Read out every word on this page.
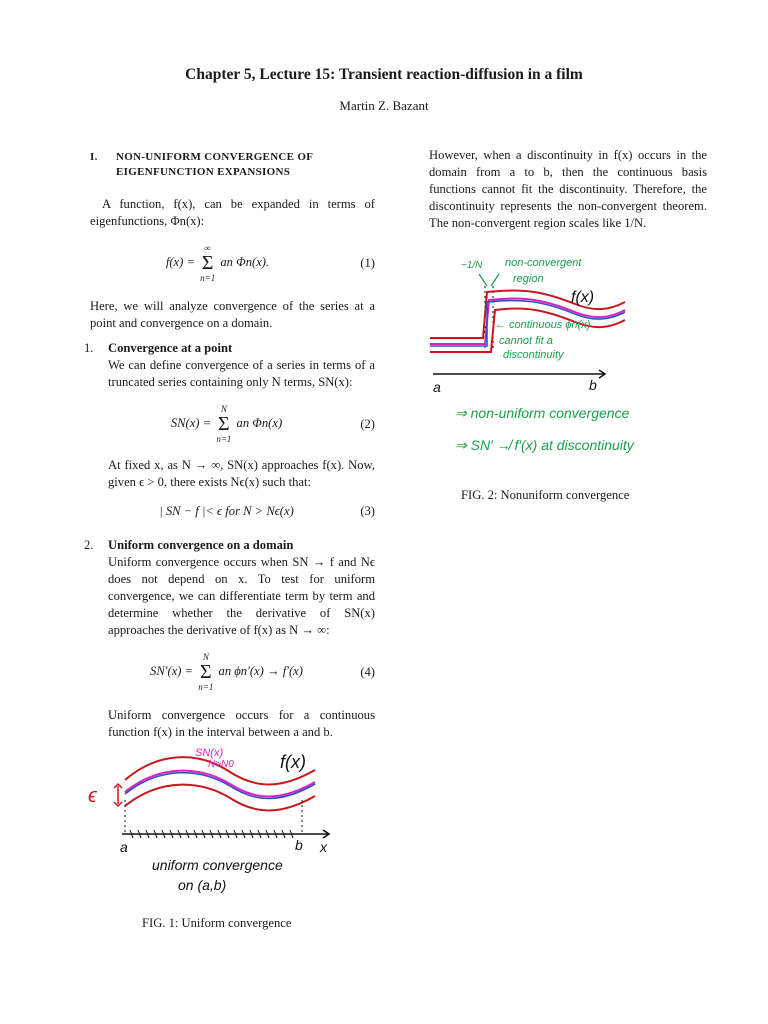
Chapter 5, Lecture 15: Transient reaction-diffusion in a film
Martin Z. Bazant
I. NON-UNIFORM CONVERGENCE OF
EIGENFUNCTION EXPANSIONS

A function, f(x), can be expanded in terms of eigenfunctions, Φn(x):

f(x) =
∞
Σ
n=1
an Φn(x).	(1)

Here, we will analyze convergence of the series at a point and convergence on a domain.

1. Convergence at a point

We can define convergence of a series in terms of a truncated series containing only N terms, SN(x):

SN(x) =
N
Σ
n=1
an Φn(x)	(2)

At fixed x, as N → ∞, SN(x) approaches f(x). Now, given ϵ > 0, there exists Nϵ(x) such that:

| SN − f |< ϵ for N > Nϵ(x)	(3)
2. Uniform convergence on a domain

Uniform convergence occurs when SN → f and Nϵ does not depend on x. To test for uniform convergence, we can differentiate term by term and determine whether the derivative of SN(x) approaches the derivative of f(x) as N → ∞:

SN′(x) =
N
Σ
n=1
an ϕn′(x) → f′(x)	(4)

Uniform convergence occurs for a continuous function f(x) in the interval between a and b.

ϵ
SN(x)
N>N0	f(x)
a	b x
uniform convergence
on (a,b)
FIG. 1: Uniform convergence

However, when a discontinuity in f(x) occurs in the domain from a to b, then the continuous basis functions cannot fit the discontinuity. Therefore, the discontinuity represents the non-convergent theorem. The non-convergent region scales like 1/N.

~1/N non-convergent
region
f(x)
← continuous ϕn(x)
cannot fit a
discontinuity
a	b
⇒ non-uniform convergence
⇒ SN′ ↛ f′(x) at discontinuity
FIG. 2: Nonuniform convergence
